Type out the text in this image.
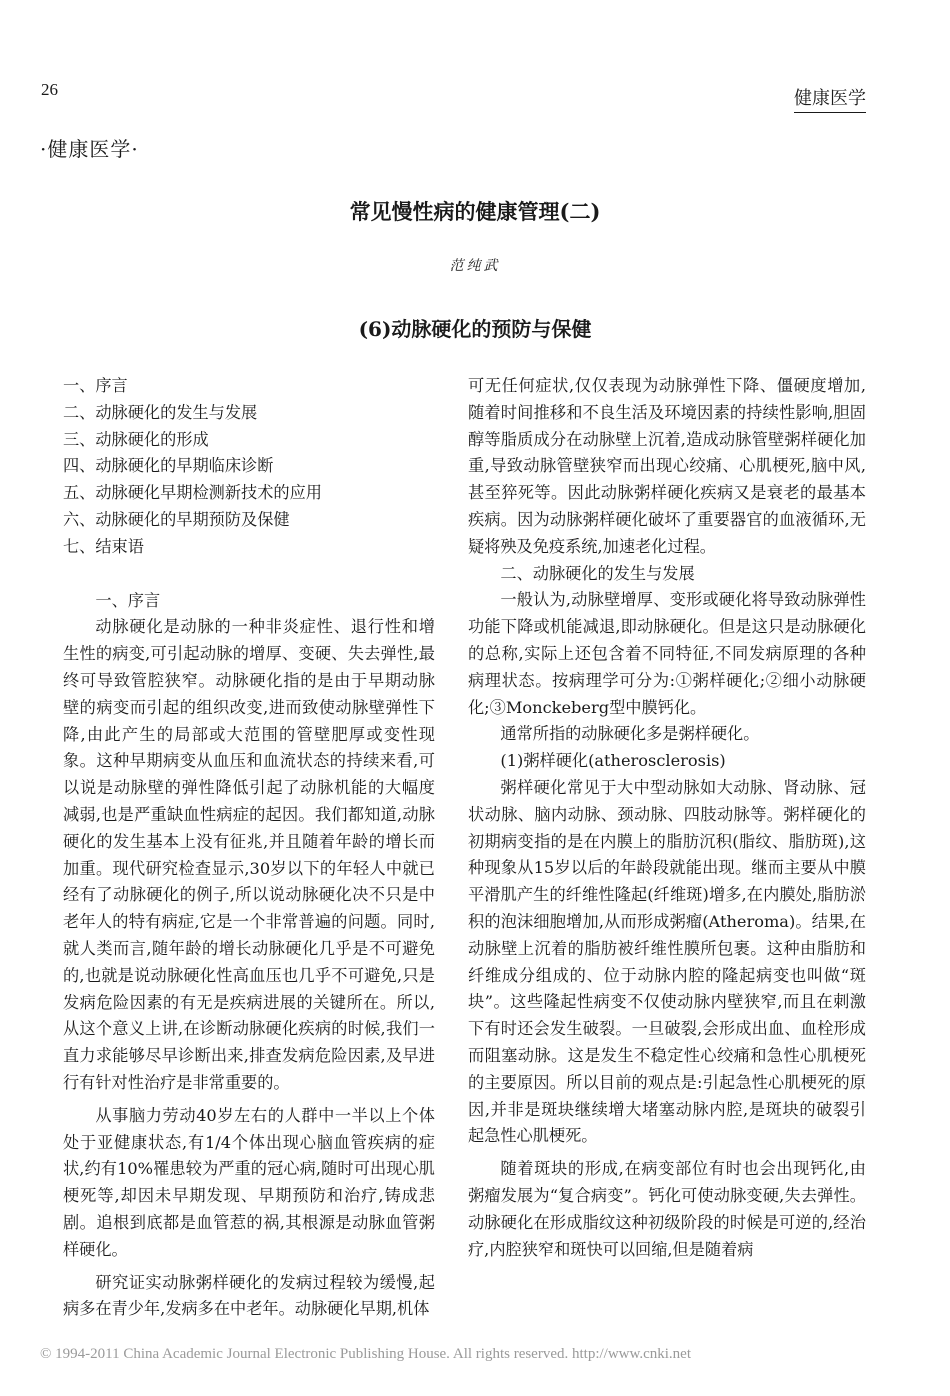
26	健康医学
·健康医学·
常见慢性病的健康管理(二)
范纯武
(6)动脉硬化的预防与保健
一、序言
二、动脉硬化的发生与发展
三、动脉硬化的形成
四、动脉硬化的早期临床诊断
五、动脉硬化早期检测新技术的应用
六、动脉硬化的早期预防及保健
七、结束语
一、序言

动脉硬化是动脉的一种非炎症性、退行性和增生性的病变,可引起动脉的增厚、变硬、失去弹性,最终可导致管腔狭窄。动脉硬化指的是由于早期动脉壁的病变而引起的组织改变,进而致使动脉壁弹性下降,由此产生的局部或大范围的管壁肥厚或变性现象。这种早期病变从血压和血流状态的持续来看,可以说是动脉壁的弹性降低引起了动脉机能的大幅度减弱,也是严重缺血性病症的起因。我们都知道,动脉硬化的发生基本上没有征兆,并且随着年龄的增长而加重。现代研究检查显示,30岁以下的年轻人中就已经有了动脉硬化的例子,所以说动脉硬化决不只是中老年人的特有病症,它是一个非常普遍的问题。同时,就人类而言,随年龄的增长动脉硬化几乎是不可避免的,也就是说动脉硬化性高血压也几乎不可避免,只是发病危险因素的有无是疾病进展的关键所在。所以,从这个意义上讲,在诊断动脉硬化疾病的时候,我们一直力求能够尽早诊断出来,排查发病危险因素,及早进行有针对性治疗是非常重要的。

从事脑力劳动40岁左右的人群中一半以上个体处于亚健康状态,有1/4个体出现心脑血管疾病的症状,约有10%罹患较为严重的冠心病,随时可出现心肌梗死等,却因未早期发现、早期预防和治疗,铸成悲剧。追根到底都是血管惹的祸,其根源是动脉血管粥样硬化。

研究证实动脉粥样硬化的发病过程较为缓慢,起病多在青少年,发病多在中老年。动脉硬化早期,机体

可无任何症状,仅仅表现为动脉弹性下降、僵硬度增加,随着时间推移和不良生活及环境因素的持续性影响,胆固醇等脂质成分在动脉壁上沉着,造成动脉管壁粥样硬化加重,导致动脉管壁狭窄而出现心绞痛、心肌梗死,脑中风,甚至猝死等。因此动脉粥样硬化疾病又是衰老的最基本疾病。因为动脉粥样硬化破坏了重要器官的血液循环,无疑将殃及免疫系统,加速老化过程。

二、动脉硬化的发生与发展

一般认为,动脉壁增厚、变形或硬化将导致动脉弹性功能下降或机能减退,即动脉硬化。但是这只是动脉硬化的总称,实际上还包含着不同特征,不同发病原理的各种病理状态。按病理学可分为:①粥样硬化;②细小动脉硬化;③Monckeberg型中膜钙化。

通常所指的动脉硬化多是粥样硬化。

(1)粥样硬化(atherosclerosis)

粥样硬化常见于大中型动脉如大动脉、肾动脉、冠状动脉、脑内动脉、颈动脉、四肢动脉等。粥样硬化的初期病变指的是在内膜上的脂肪沉积(脂纹、脂肪斑),这种现象从15岁以后的年龄段就能出现。继而主要从中膜平滑肌产生的纤维性隆起(纤维斑)增多,在内膜处,脂肪淤积的泡沫细胞增加,从而形成粥瘤(Atheroma)。结果,在动脉壁上沉着的脂肪被纤维性膜所包裹。这种由脂肪和纤维成分组成的、位于动脉内腔的隆起病变也叫做“斑块”。这些隆起性病变不仅使动脉内壁狭窄,而且在刺激下有时还会发生破裂。一旦破裂,会形成出血、血栓形成而阻塞动脉。这是发生不稳定性心绞痛和急性心肌梗死的主要原因。所以目前的观点是:引起急性心肌梗死的原因,并非是斑块继续增大堵塞动脉内腔,是斑块的破裂引起急性心肌梗死。

随着斑块的形成,在病变部位有时也会出现钙化,由粥瘤发展为“复合病变”。钙化可使动脉变硬,失去弹性。动脉硬化在形成脂纹这种初级阶段的时候是可逆的,经治疗,内腔狭窄和斑快可以回缩,但是随着病

© 1994-2011 China Academic Journal Electronic Publishing House. All rights reserved. http://www.cnki.net
